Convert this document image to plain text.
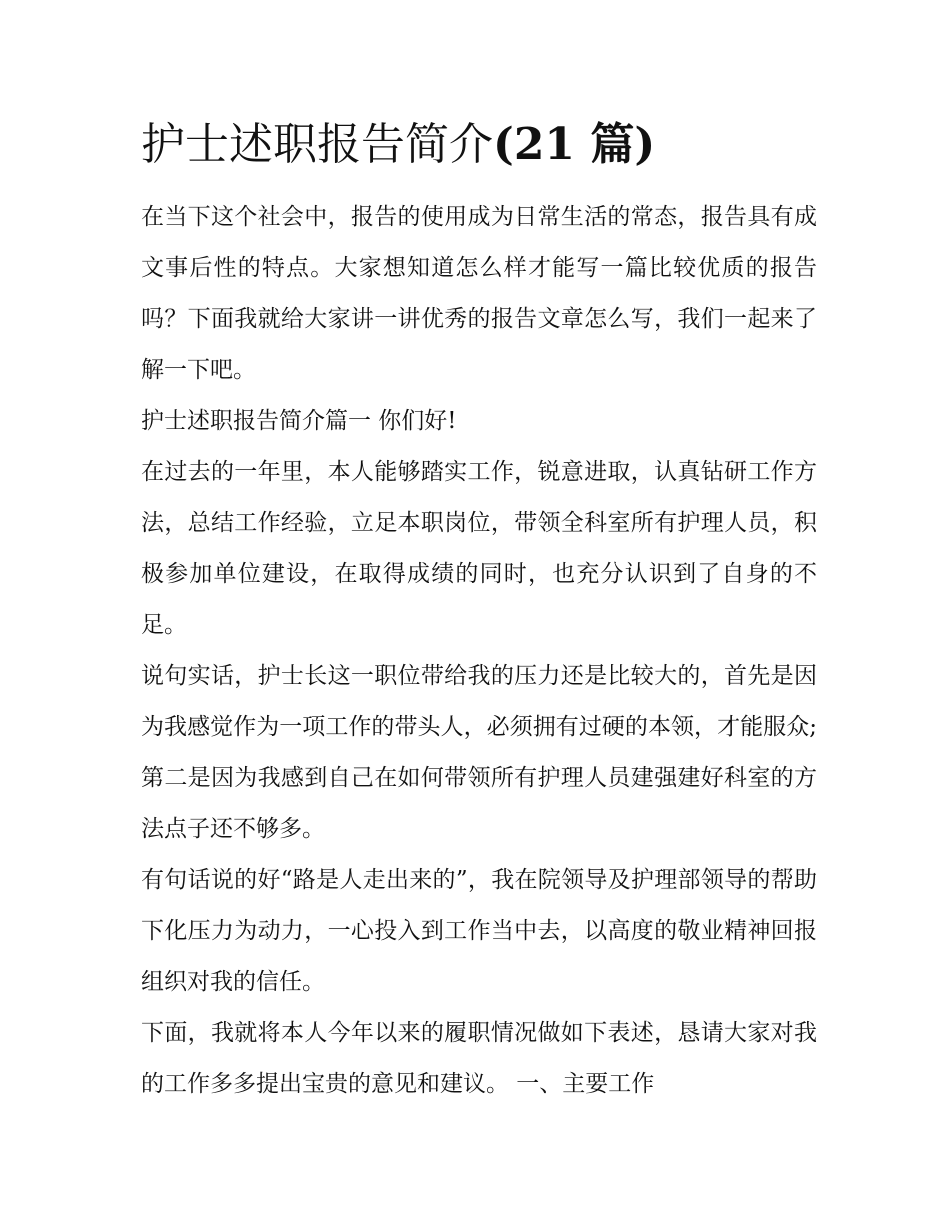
护士述职报告简介(21 篇)

在当下这个社会中，报告的使用成为日常生活的常态，报告具有成文事后性的特点。大家想知道怎么样才能写一篇比较优质的报告吗？下面我就给大家讲一讲优秀的报告文章怎么写，我们一起来了解一下吧。

护士述职报告简介篇一 你们好!

在过去的一年里，本人能够踏实工作，锐意进取，认真钻研工作方法，总结工作经验，立足本职岗位，带领全科室所有护理人员，积极参加单位建设，在取得成绩的同时，也充分认识到了自身的不足。

说句实话，护士长这一职位带给我的压力还是比较大的，首先是因为我感觉作为一项工作的带头人，必须拥有过硬的本领，才能服众;第二是因为我感到自己在如何带领所有护理人员建强建好科室的方法点子还不够多。

有句话说的好“路是人走出来的”，我在院领导及护理部领导的帮助下化压力为动力，一心投入到工作当中去，以高度的敬业精神回报组织对我的信任。

下面，我就将本人今年以来的履职情况做如下表述，恳请大家对我的工作多多提出宝贵的意见和建议。 一、主要工作
